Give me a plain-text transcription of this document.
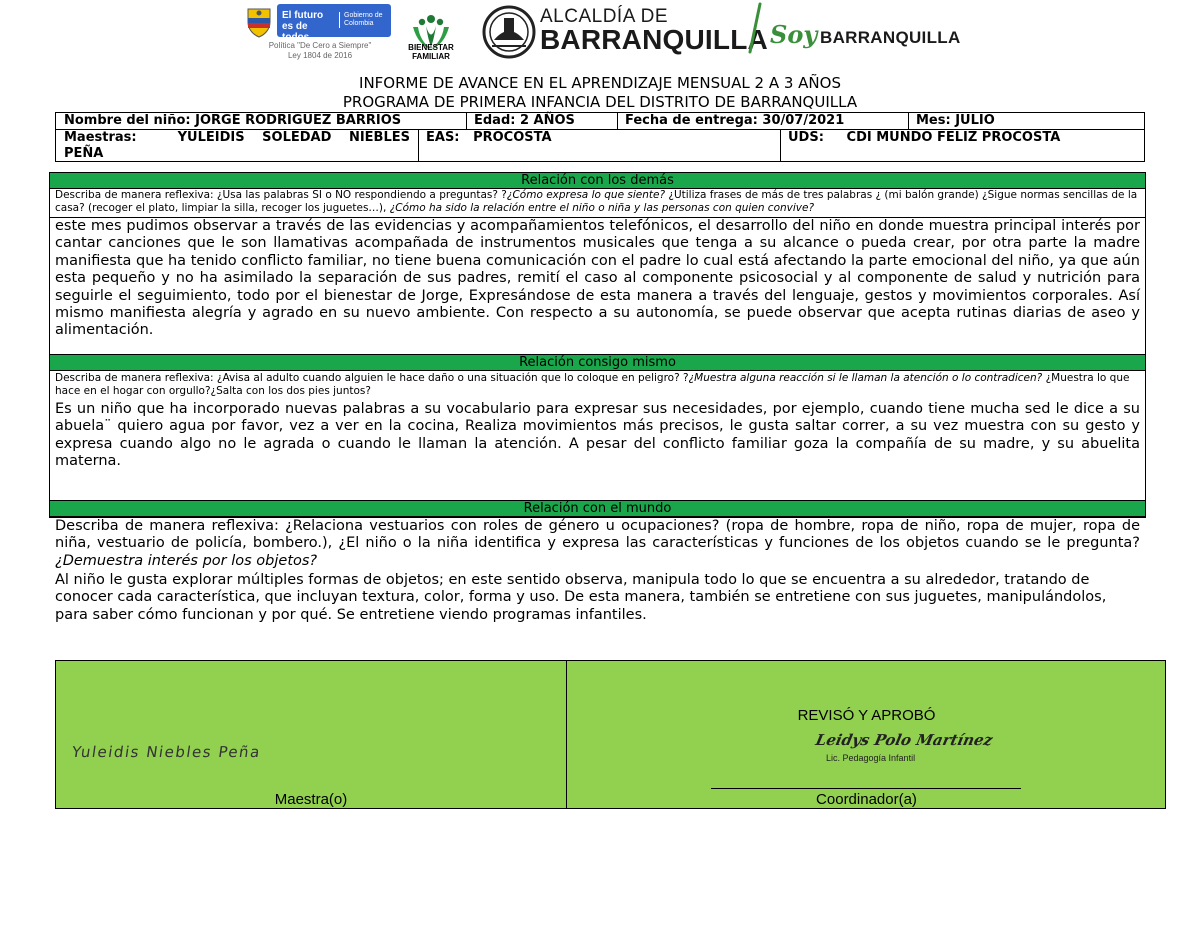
El futuro es de todos
Gobierno de Colombia
Política "De Cero a Siempre"
Ley 1804 de 2016
BIENESTAR FAMILIAR
ALCALDÍA DE
BARRANQUILLA Soy BARRANQUILLA
INFORME DE AVANCE EN EL APRENDIZAJE MENSUAL 2 A 3 AÑOS
PROGRAMA DE PRIMERA INFANCIA DEL DISTRITO DE BARRANQUILLA
Nombre del niño: JORGE RODRIGUEZ BARRIOS	Edad: 2 AÑOS	Fecha de entrega: 30/07/2021	Mes: JULIO
Maestras:       YULEIDIS   SOLEDAD   NIEBLES PEÑA
EAS:   PROCOSTA	UDS:     CDI MUNDO FELIZ PROCOSTA
Relación con los demás
Describa de manera reflexiva: ¿Usa las palabras SI o NO respondiendo a preguntas? ?¿Cómo expresa lo que siente? ¿Utiliza frases de más de tres palabras ¿ (mi balón grande) ¿Sigue normas sencillas de la casa? (recoger el plato, limpiar la silla, recoger los juguetes…), ¿Cómo ha sido la relación entre el niño o niña y las personas con quien convive?
este mes pudimos observar a través de las evidencias y acompañamientos telefónicos, el desarrollo del niño en donde muestra principal interés por cantar canciones que le son llamativas acompañada de instrumentos musicales que tenga a su alcance o pueda crear, por otra parte la madre manifiesta que ha tenido conflicto familiar, no tiene buena comunicación con el padre lo cual está afectando la parte emocional del niño, ya que aún esta pequeño y no ha asimilado la separación de sus padres, remití el caso al componente psicosocial y al componente de salud y nutrición para seguirle el seguimiento, todo por el bienestar de Jorge, Expresándose de esta manera a través del lenguaje, gestos y movimientos corporales. Así mismo manifiesta alegría y agrado en su nuevo ambiente. Con respecto a su autonomía, se puede observar que acepta rutinas diarias de aseo y alimentación.
Relación consigo mismo
Describa de manera reflexiva: ¿Avisa al adulto cuando alguien le hace daño o una situación que lo coloque en peligro? ?¿Muestra alguna reacción si le llaman la atención o lo contradicen? ¿Muestra lo que hace en el hogar con orgullo?¿Salta con los dos pies juntos?
Es un niño que ha incorporado nuevas palabras a su vocabulario para expresar sus necesidades, por ejemplo, cuando tiene mucha sed le dice a su abuela¨ quiero agua por favor, vez a ver en la cocina, Realiza movimientos más precisos, le gusta saltar correr, a su vez muestra con su gesto y expresa cuando algo no le agrada o cuando le llaman la atención. A pesar del conflicto familiar goza la compañía de su madre, y su abuelita materna.
Relación con el mundo
Describa de manera reflexiva: ¿Relaciona vestuarios con roles de género u ocupaciones? (ropa de hombre, ropa de niño, ropa de mujer, ropa de niña, vestuario de policía, bombero.), ¿El niño o la niña identifica y expresa las características y funciones de los objetos cuando se le pregunta? ¿Demuestra interés por los objetos?
Al niño le gusta explorar múltiples formas de objetos; en este sentido observa, manipula todo lo que se encuentra a su alrededor, tratando de conocer cada característica, que incluyan textura, color, forma y uso. De esta manera, también se entretiene con sus juguetes, manipulándolos, para saber cómo funcionan y por qué. Se entretiene viendo programas infantiles.
Yuleidis Niebles Peña
Maestra(o)
REVISÓ Y APROBÓ
Leidys Polo Martínez
Lic. Pedagogía Infantil
Coordinador(a)
